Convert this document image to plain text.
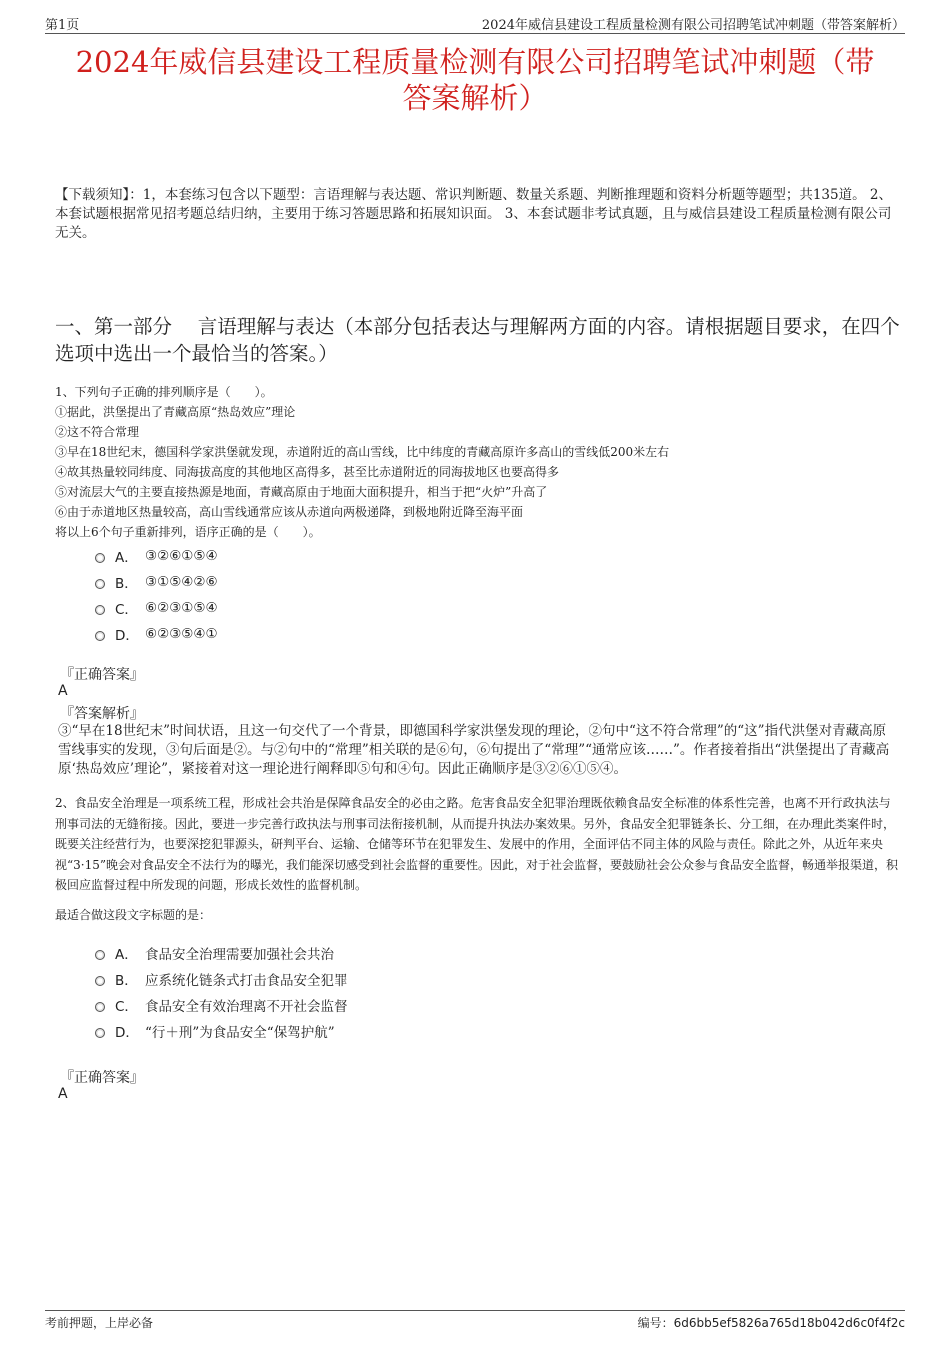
第1页	2024年威信县建设工程质量检测有限公司招聘笔试冲刺题（带答案解析）
2024年威信县建设工程质量检测有限公司招聘笔试冲刺题（带
答案解析）
【下载须知】：1，本套练习包含以下题型：言语理解与表达题、常识判断题、数量关系题、判断推理题和资料分析题等题型；共135道。 2、本套试题根据常见招考题总结归纳，主要用于练习答题思路和拓展知识面。 3、本套试题非考试真题，且与威信县建设工程质量检测有限公司无关。
一、第一部分　 言语理解与表达（本部分包括表达与理解两方面的内容。请根据题目要求，在四个选项中选出一个最恰当的答案。）
1、下列句子正确的排列顺序是（　　）。
①据此，洪堡提出了青藏高原“热岛效应”理论
②这不符合常理
③早在18世纪末，德国科学家洪堡就发现，赤道附近的高山雪线，比中纬度的青藏高原许多高山的雪线低200米左右
④故其热量较同纬度、同海拔高度的其他地区高得多，甚至比赤道附近的同海拔地区也要高得多
⑤对流层大气的主要直接热源是地面，青藏高原由于地面大面积提升，相当于把“火炉”升高了
⑥由于赤道地区热量较高，高山雪线通常应该从赤道向两极递降，到极地附近降至海平面
将以上6个句子重新排列，语序正确的是（　　）。
A． ③②⑥①⑤④
B． ③①⑤④②⑥
C． ⑥②③①⑤④
D． ⑥②③⑤④①
『正确答案』
A
『答案解析』
③“早在18世纪末”时间状语，且这一句交代了一个背景，即德国科学家洪堡发现的理论，②句中“这不符合常理”的“这”指代洪堡对青藏高原雪线事实的发现，③句后面是②。与②句中的“常理”相关联的是⑥句，⑥句提出了“常理”“通常应该……”。作者接着指出“洪堡提出了青藏高原‘热岛效应’理论”，紧接着对这一理论进行阐释即⑤句和④句。因此正确顺序是③②⑥①⑤④。
2、食品安全治理是一项系统工程，形成社会共治是保障食品安全的必由之路。危害食品安全犯罪治理既依赖食品安全标准的体系性完善，也离不开行政执法与刑事司法的无缝衔接。因此，要进一步完善行政执法与刑事司法衔接机制，从而提升执法办案效果。另外，食品安全犯罪链条长、分工细，在办理此类案件时，既要关注经营行为，也要深挖犯罪源头，研判平台、运输、仓储等环节在犯罪发生、发展中的作用，全面评估不同主体的风险与责任。除此之外，从近年来央视“3·15”晚会对食品安全不法行为的曝光，我们能深切感受到社会监督的重要性。因此，对于社会监督，要鼓励社会公众参与食品安全监督，畅通举报渠道，积极回应监督过程中所发现的问题，形成长效性的监督机制。
最适合做这段文字标题的是：
A． 食品安全治理需要加强社会共治
B． 应系统化链条式打击食品安全犯罪
C． 食品安全有效治理离不开社会监督
D． “行＋刑”为食品安全“保驾护航”
『正确答案』
A
考前押题，上岸必备	编号：6d6bb5ef5826a765d18b042d6c0f4f2c
